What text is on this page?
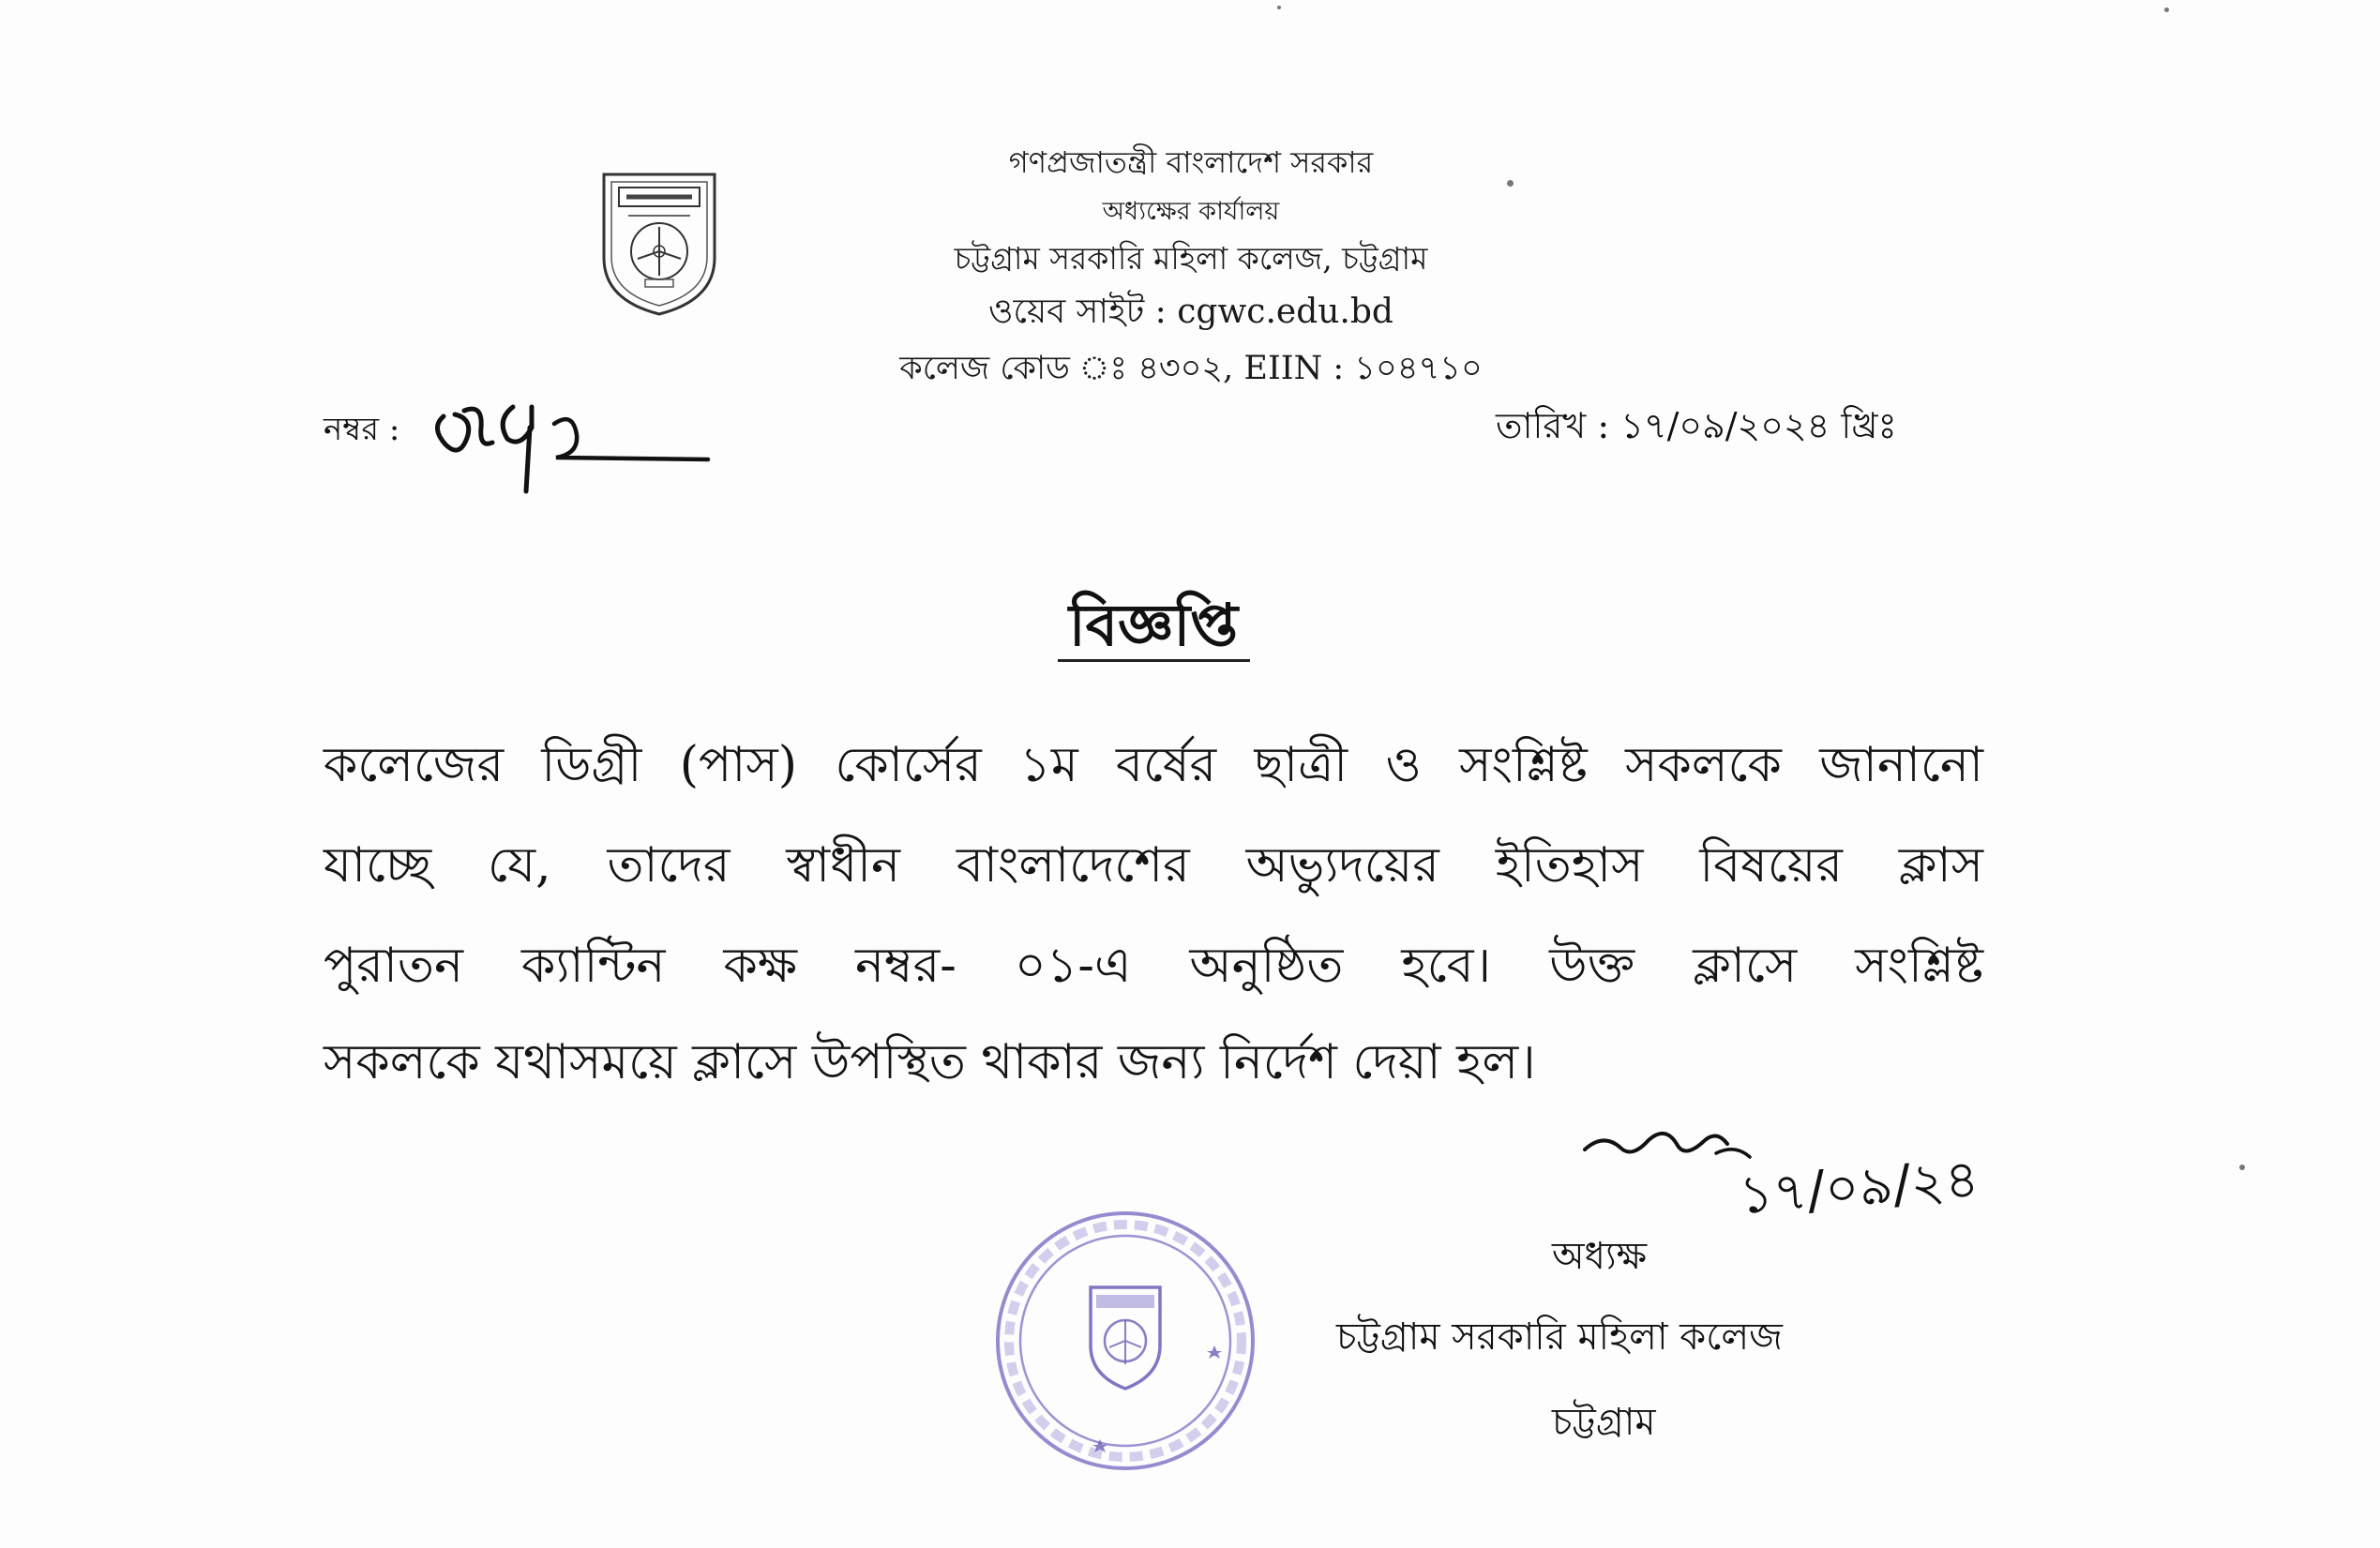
গণপ্রজাতন্ত্রী বাংলাদেশ সরকার
অধ্যক্ষের কার্যালয়
চট্টগ্রাম সরকারি মহিলা কলেজ, চট্টগ্রাম
ওয়েব সাইট : cgwc.edu.bd
কলেজ কোড ঃ ৪৩০২, EIIN : ১০৪৭১০
নম্বর :	তারিখ : ১৭/০৯/২০২৪ খ্রিঃ
বিজ্ঞপ্তি
কলেজের ডিগ্রী (পাস) কোর্সের ১ম বর্ষের ছাত্রী ও সংশ্লিষ্ট সকলকে জানানো
যাচ্ছে যে, তাদের স্বাধীন বাংলাদেশের অভ্যুদয়ের ইতিহাস বিষয়ের ক্লাস
পুরাতন ক্যান্টিন কক্ষ নম্বর- ০১-এ অনুষ্ঠিত হবে। উক্ত ক্লাসে সংশ্লিষ্ট
সকলকে যথাসময়ে ক্লাসে উপস্থিত থাকার জন্য নির্দেশ দেয়া হল।
১৭/০৯/২৪
অধ্যক্ষ
চট্টগ্রাম সরকারি মহিলা কলেজ
চট্টগ্রাম
